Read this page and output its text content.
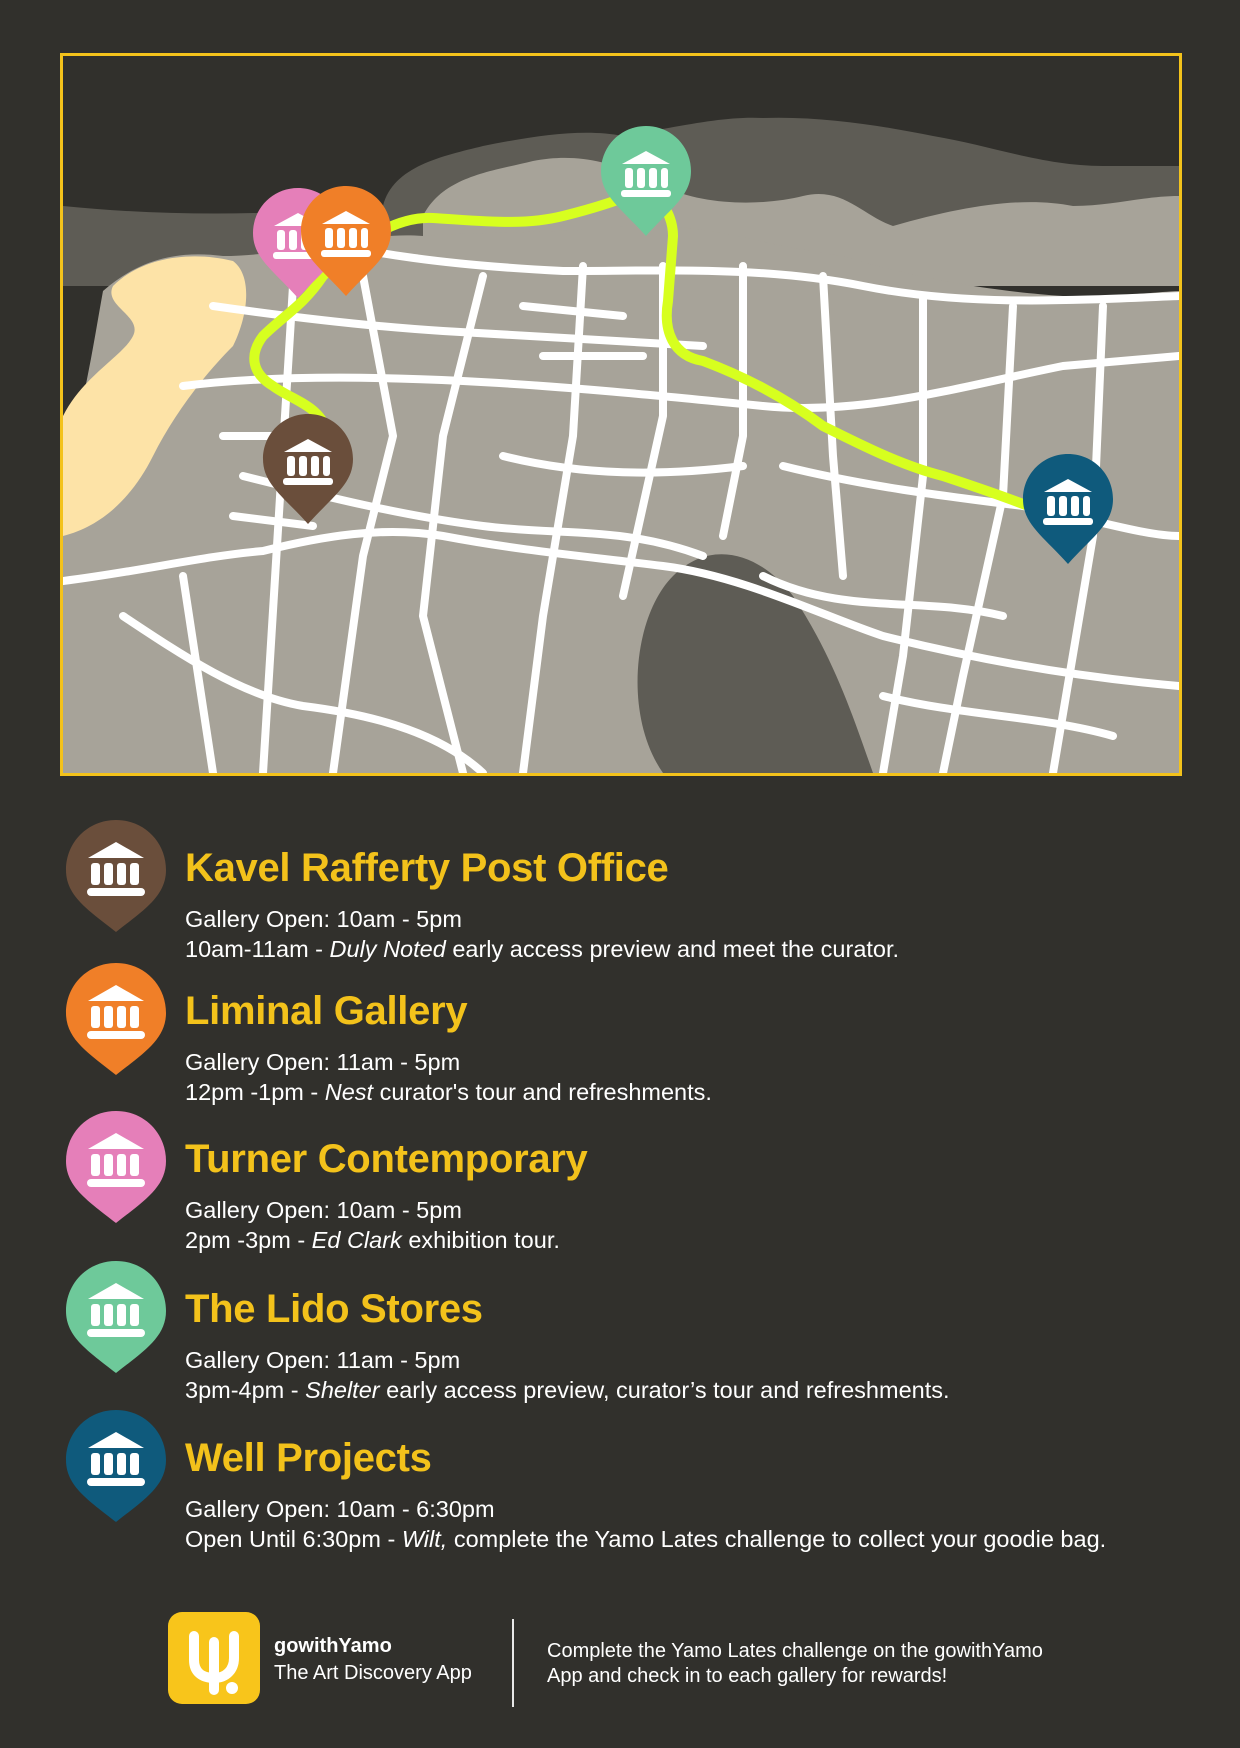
Kavel Rafferty Post Office
Gallery Open: 10am - 5pm
10am-11am - Duly Noted early access preview and meet the curator.
Liminal Gallery
Gallery Open: 11am - 5pm
12pm -1pm - Nest curator's tour and refreshments.
Turner Contemporary
Gallery Open: 10am - 5pm
2pm -3pm - Ed Clark exhibition tour.
The Lido Stores
Gallery Open: 11am - 5pm
3pm-4pm - Shelter early access preview, curator’s tour and refreshments.
Well Projects
Gallery Open: 10am - 6:30pm
Open Until 6:30pm - Wilt, complete the Yamo Lates challenge to collect your goodie bag.
gowithYamo
The Art Discovery App
Complete the Yamo Lates challenge on the gowithYamo
App and check in to each gallery for rewards!
